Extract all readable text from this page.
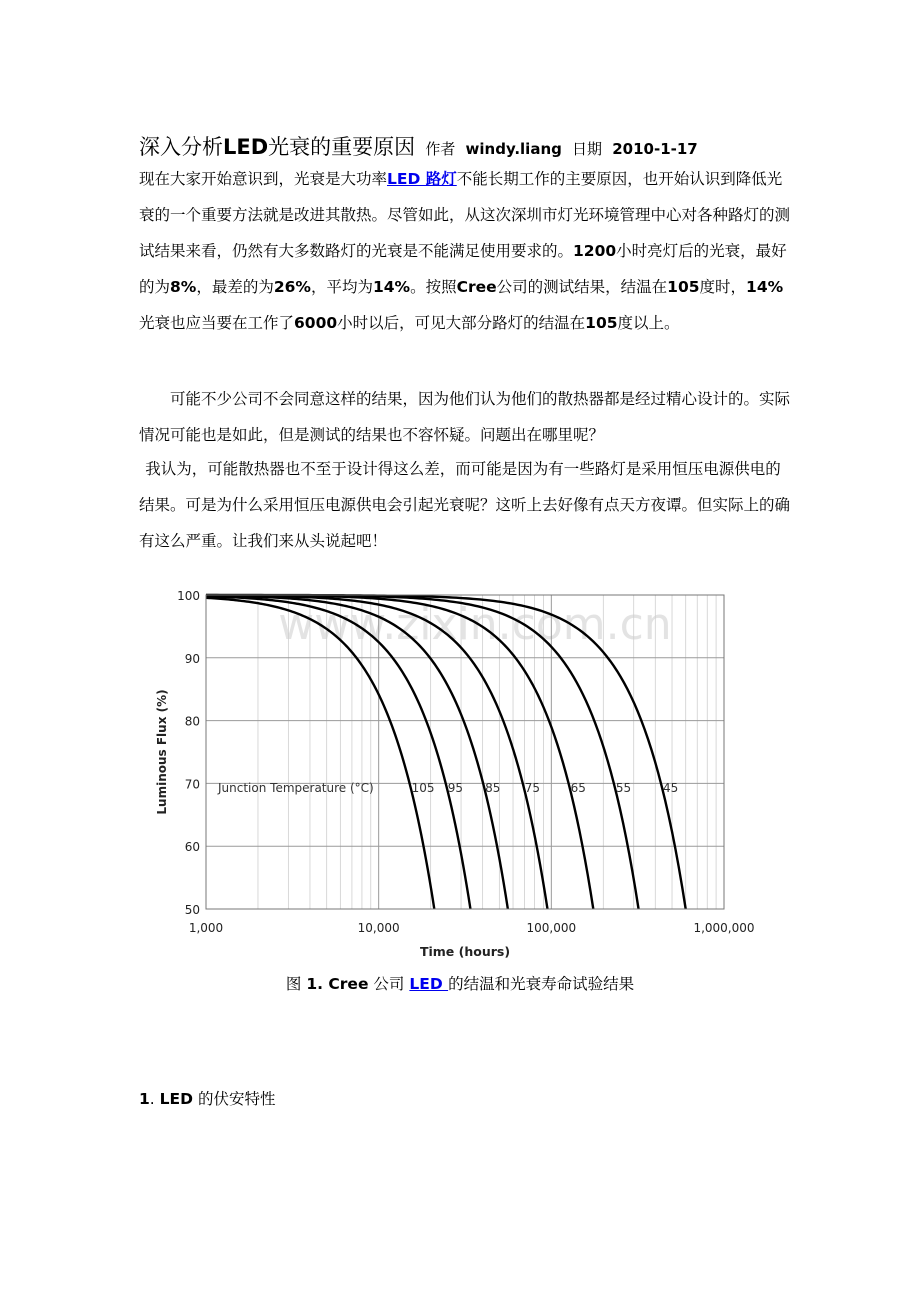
深入分析LED光衰的重要原因 作者 windy.liang 日期 2010-1-17

现在大家开始意识到，光衰是大功率LED 路灯不能长期工作的主要原因，也开始认识到降低光衰的一个重要方法就是改进其散热。尽管如此，从这次深圳市灯光环境管理中心对各种路灯的测试结果来看，仍然有大多数路灯的光衰是不能满足使用要求的。1200小时亮灯后的光衰，最好的为8%，最差的为26%，平均为14%。按照Cree公司的测试结果，结温在105度时，14%光衰也应当要在工作了6000小时以后，可见大部分路灯的结温在105度以上。

可能不少公司不会同意这样的结果，因为他们认为他们的散热器都是经过精心设计的。实际情况可能也是如此，但是测试的结果也不容怀疑。问题出在哪里呢？

我认为，可能散热器也不至于设计得这么差，而可能是因为有一些路灯是采用恒压电源供电的结果。可是为什么采用恒压电源供电会引起光衰呢？这听上去好像有点天方夜谭。但实际上的确有这么严重。让我们来从头说起吧！

www.zixin.com.cn
100
90
80
70
60
50
1,000	10,000	100,000	1,000,000
Time (hours)
Luminous Flux (%)	Junction Temperature (°C)	105 95 85 75	65 55	45

图 1. Cree 公司 LED 的结温和光衰寿命试验结果

1. LED 的伏安特性
